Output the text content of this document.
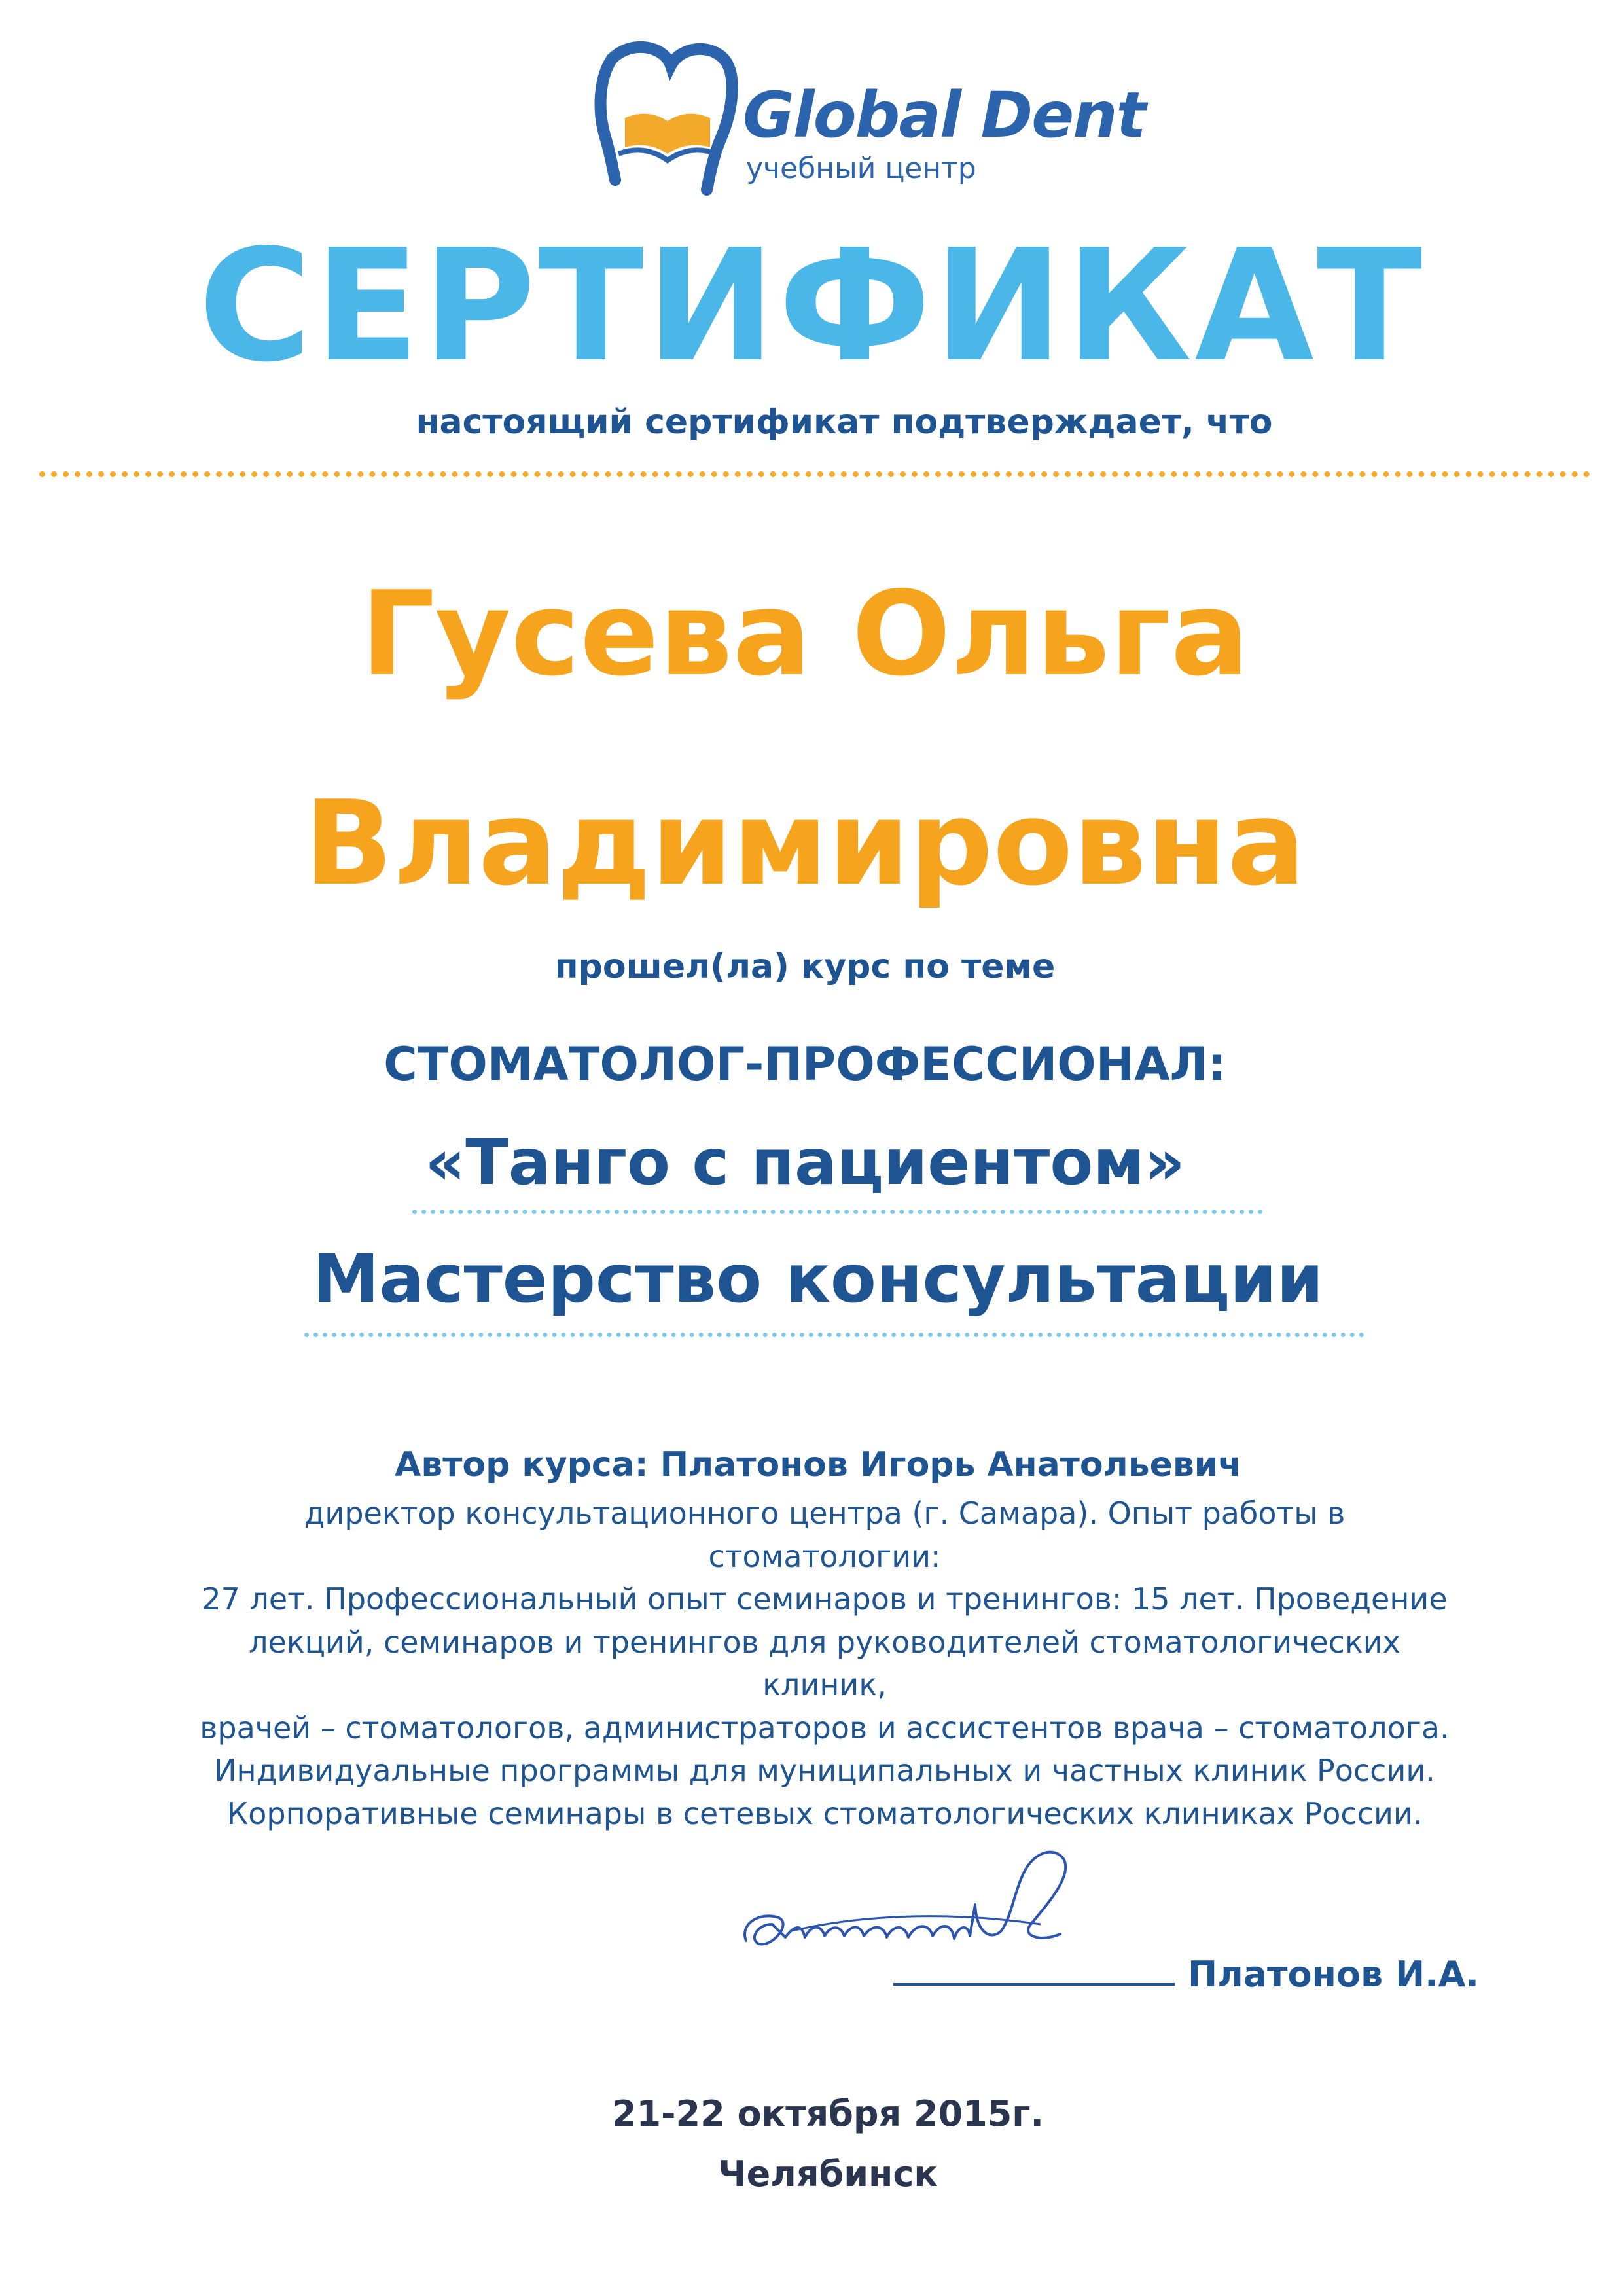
Global Dent
учебный центр
СЕРТИФИКАТ
настоящий сертификат подтверждает, что
Гусева Ольга
Владимировна
прошел(ла) курс по теме
СТОМАТОЛОГ-ПРОФЕССИОНАЛ:
«Танго с пациентом»
Мастерство консультации
Автор курса: Платонов Игорь Анатольевич
директор консультационного центра (г. Самара). Опыт работы в стоматологии:
27 лет. Профессиональный опыт семинаров и тренингов: 15 лет. Проведение
лекций, семинаров и тренингов для руководителей стоматологических клиник,
врачей – стоматологов, администраторов и ассистентов врача – стоматолога.
Индивидуальные программы для муниципальных и частных клиник России.
Корпоративные семинары в сетевых стоматологических клиниках России.
Платонов И.А.
21-22 октября 2015г.
Челябинск
